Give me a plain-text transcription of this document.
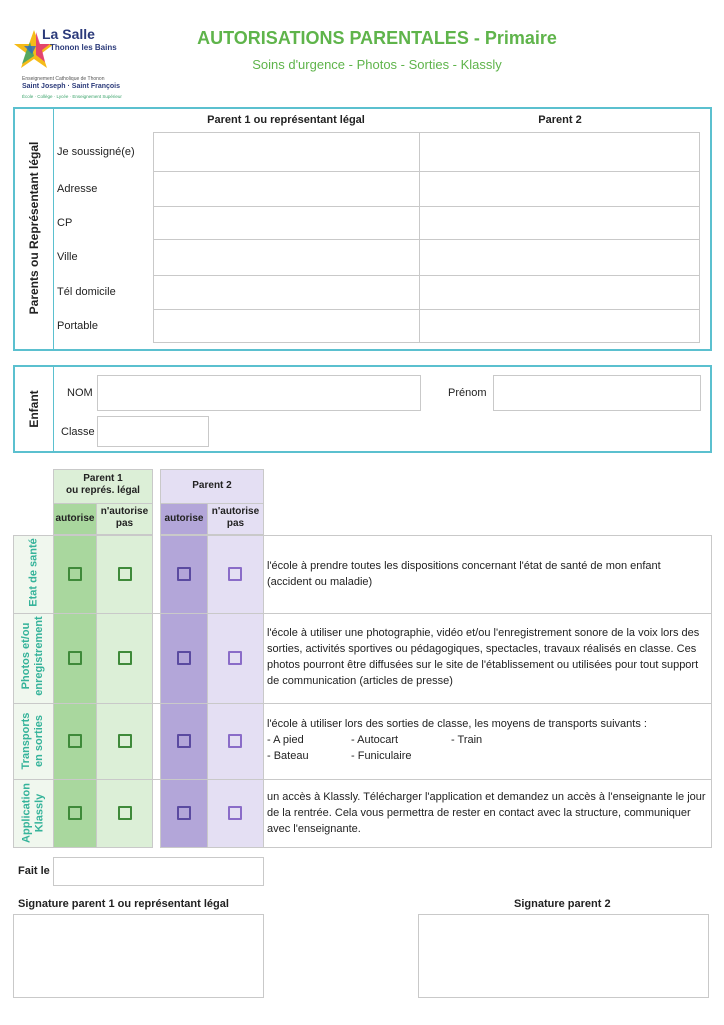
La Salle
Thonon les Bains
Enseignement Catholique de Thonon
Saint Joseph · Saint François
École · Collège · Lycée · Enseignement Supérieur
AUTORISATIONS PARENTALES - Primaire
Soins d'urgence - Photos - Sorties - Klassly
Parents ou Représentant légal
Parent 1 ou représentant légal	Parent 2
Je soussigné(e)
Adresse
CP
Ville
Tél domicile
Portable
Enfant NOM	Prénom
Classe
Parent 1
ou représ. légal
autorise
n'autorise
pas
Parent 2
autorise
n'autorise
pas
Etat de santé	l'école à prendre toutes les dispositions concernant l'état de santé de mon enfant (accident ou maladie)
Photos et/ou enregistrement	l'école à utiliser une photographie, vidéo et/ou l'enregistrement sonore de la voix lors des sorties, activités sportives ou pédagogiques, spectacles, travaux réalisés en classe. Ces photos pourront être diffusées sur le site de l'établissement ou utilisées pour tout support de communication (articles de presse)
Transports en sorties	l'école à utiliser lors des sorties de classe, les moyens de transports suivants :
- A pied	- Autocart	- Train
- Bateau	- Funiculaire
Application Klassly	un accès à Klassly. Télécharger l'application et demandez un accès à l'enseignante le jour de la rentrée. Cela vous permettra de rester en contact avec la structure, communiquer avec l'enseignante.
Fait le
Signature parent 1 ou représentant légal	Signature parent 2
